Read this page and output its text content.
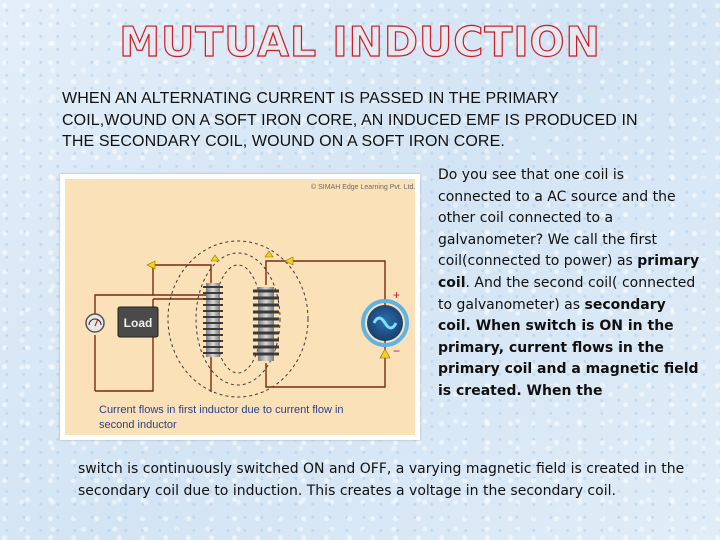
MUTUAL INDUCTION

WHEN AN ALTERNATING CURRENT IS PASSED IN THE PRIMARY COIL,WOUND ON A SOFT IRON CORE, AN INDUCED EMF IS PRODUCED IN THE SECONDARY COIL, WOUND ON A SOFT IRON CORE.

© SIMAH Edge Learning Pvt. Ltd.
Load
+
−
Current flows in first inductor due to current flow in
second inductor

Do you see that one coil is connected to a AC source and the other coil connected to a galvanometer? We call the first coil(connected to power) as primary coil. And the second coil( connected to galvanometer) as secondary coil. When switch is ON in the primary, current flows in the primary coil and a magnetic field is created. When the

switch is continuously switched ON and OFF, a varying magnetic field is created in the secondary coil due to induction. This creates a voltage in the secondary coil.
